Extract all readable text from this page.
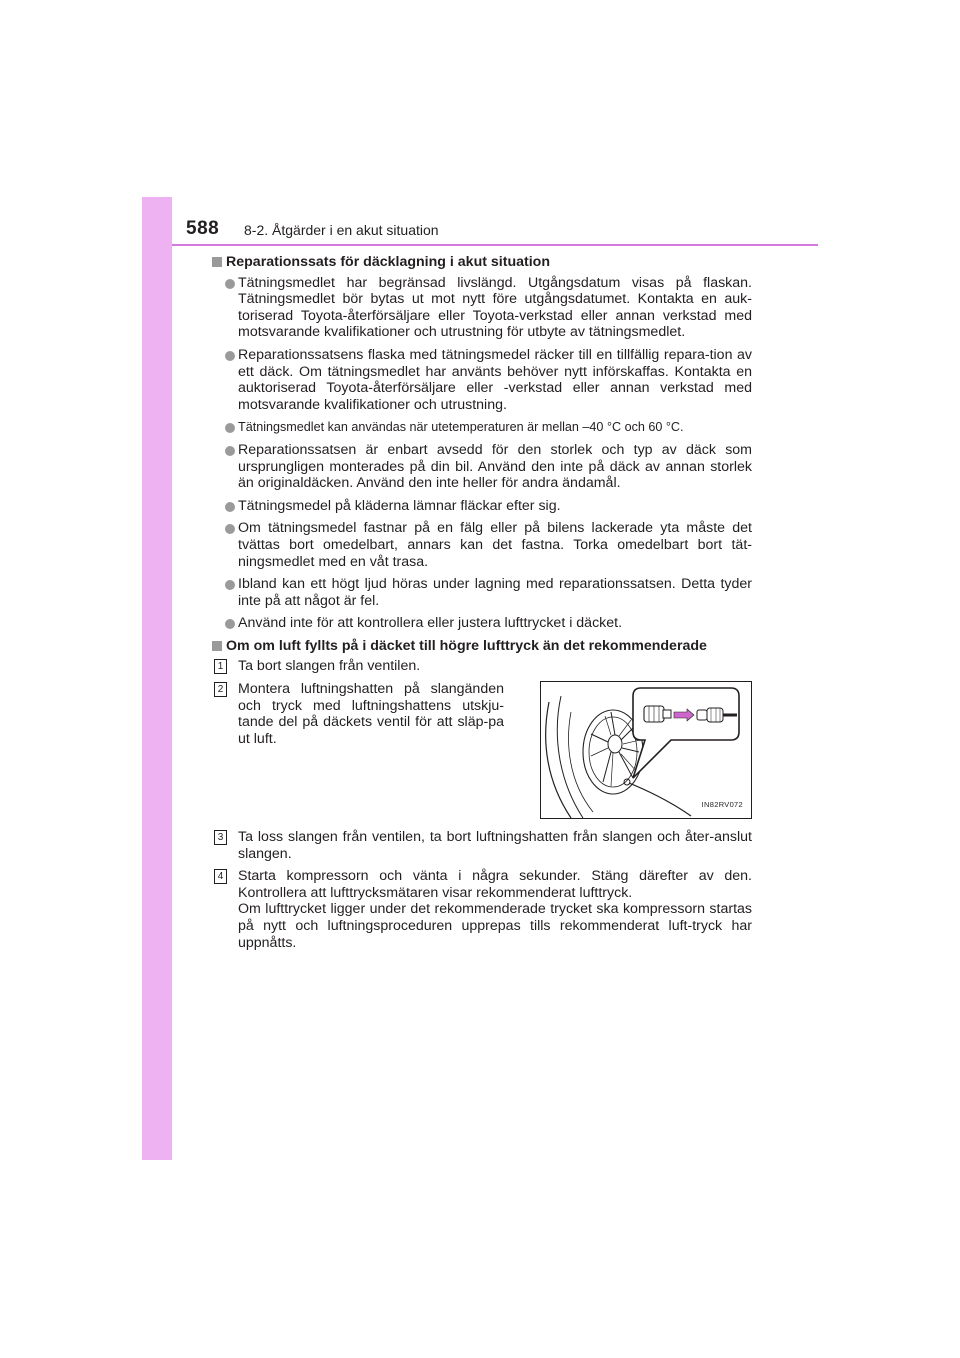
588 8-2. Åtgärder i en akut situation
Reparationssats för däcklagning i akut situation
Tätningsmedlet har begränsad livslängd. Utgångsdatum visas på flaskan. Tätningsmedlet bör bytas ut mot nytt före utgångsdatumet. Kontakta en auk-toriserad Toyota-återförsäljare eller Toyota-verkstad eller annan verkstad med motsvarande kvalifikationer och utrustning för utbyte av tätningsmedlet.
Reparationssatsens flaska med tätningsmedel räcker till en tillfällig repara-tion av ett däck. Om tätningsmedlet har använts behöver nytt införskaffas. Kontakta en auktoriserad Toyota-återförsäljare eller -verkstad eller annan verkstad med motsvarande kvalifikationer och utrustning.
Tätningsmedlet kan användas när utetemperaturen är mellan –40 °C och 60 °C.
Reparationssatsen är enbart avsedd för den storlek och typ av däck som ursprungligen monterades på din bil. Använd den inte på däck av annan storlek än originaldäcken. Använd den inte heller för andra ändamål.
Tätningsmedel på kläderna lämnar fläckar efter sig.
Om tätningsmedel fastnar på en fälg eller på bilens lackerade yta måste det tvättas bort omedelbart, annars kan det fastna. Torka omedelbart bort tät-ningsmedlet med en våt trasa.
Ibland kan ett högt ljud höras under lagning med reparationssatsen. Detta tyder inte på att något är fel.
Använd inte för att kontrollera eller justera lufttrycket i däcket.
Om om luft fyllts på i däcket till högre lufttryck än det rekommenderade
1 Ta bort slangen från ventilen.
2 Montera luftningshatten på slangänden och tryck med luftningshattens utskju-tande del på däckets ventil för att släp-pa ut luft.
IN82RV072
3 Ta loss slangen från ventilen, ta bort luftningshatten från slangen och åter-anslut slangen.
4 Starta kompressorn och vänta i några sekunder. Stäng därefter av den. Kontrollera att lufttrycksmätaren visar rekommenderat lufttryck.
Om lufttrycket ligger under det rekommenderade trycket ska kompressorn startas på nytt och luftningsproceduren upprepas tills rekommenderat luft-tryck har uppnåtts.
